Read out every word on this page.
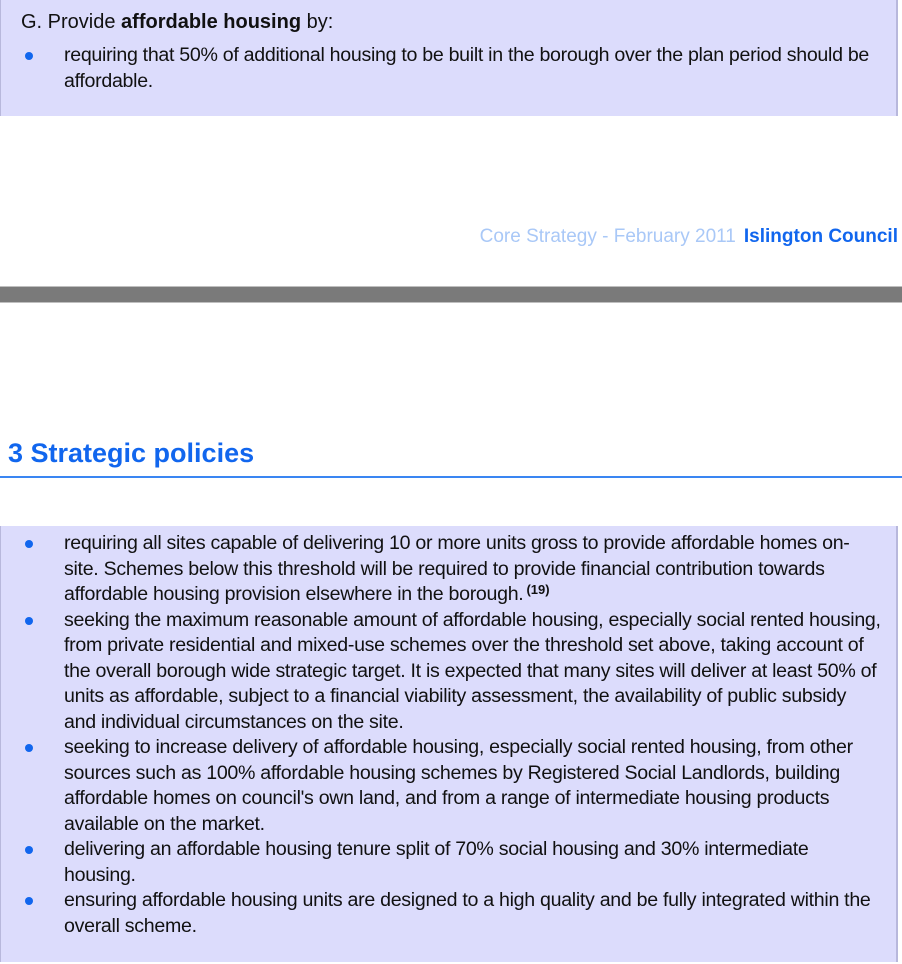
G. Provide affordable housing by:

requiring that 50% of additional housing to be built in the borough over the plan period should be affordable.
Core Strategy - February 2011 Islington Council
3 Strategic policies
requiring all sites capable of delivering 10 or more units gross to provide affordable homes on-site. Schemes below this threshold will be required to provide financial contribution towards affordable housing provision elsewhere in the borough. $^{(19)}$
seeking the maximum reasonable amount of affordable housing, especially social rented housing, from private residential and mixed-use schemes over the threshold set above, taking account of the overall borough wide strategic target. It is expected that many sites will deliver at least 50% of units as affordable, subject to a financial viability assessment, the availability of public subsidy and individual circumstances on the site.
seeking to increase delivery of affordable housing, especially social rented housing, from other sources such as 100% affordable housing schemes by Registered Social Landlords, building affordable homes on council's own land, and from a range of intermediate housing products available on the market.
delivering an affordable housing tenure split of 70% social housing and 30% intermediate housing.
ensuring affordable housing units are designed to a high quality and be fully integrated within the overall scheme.
